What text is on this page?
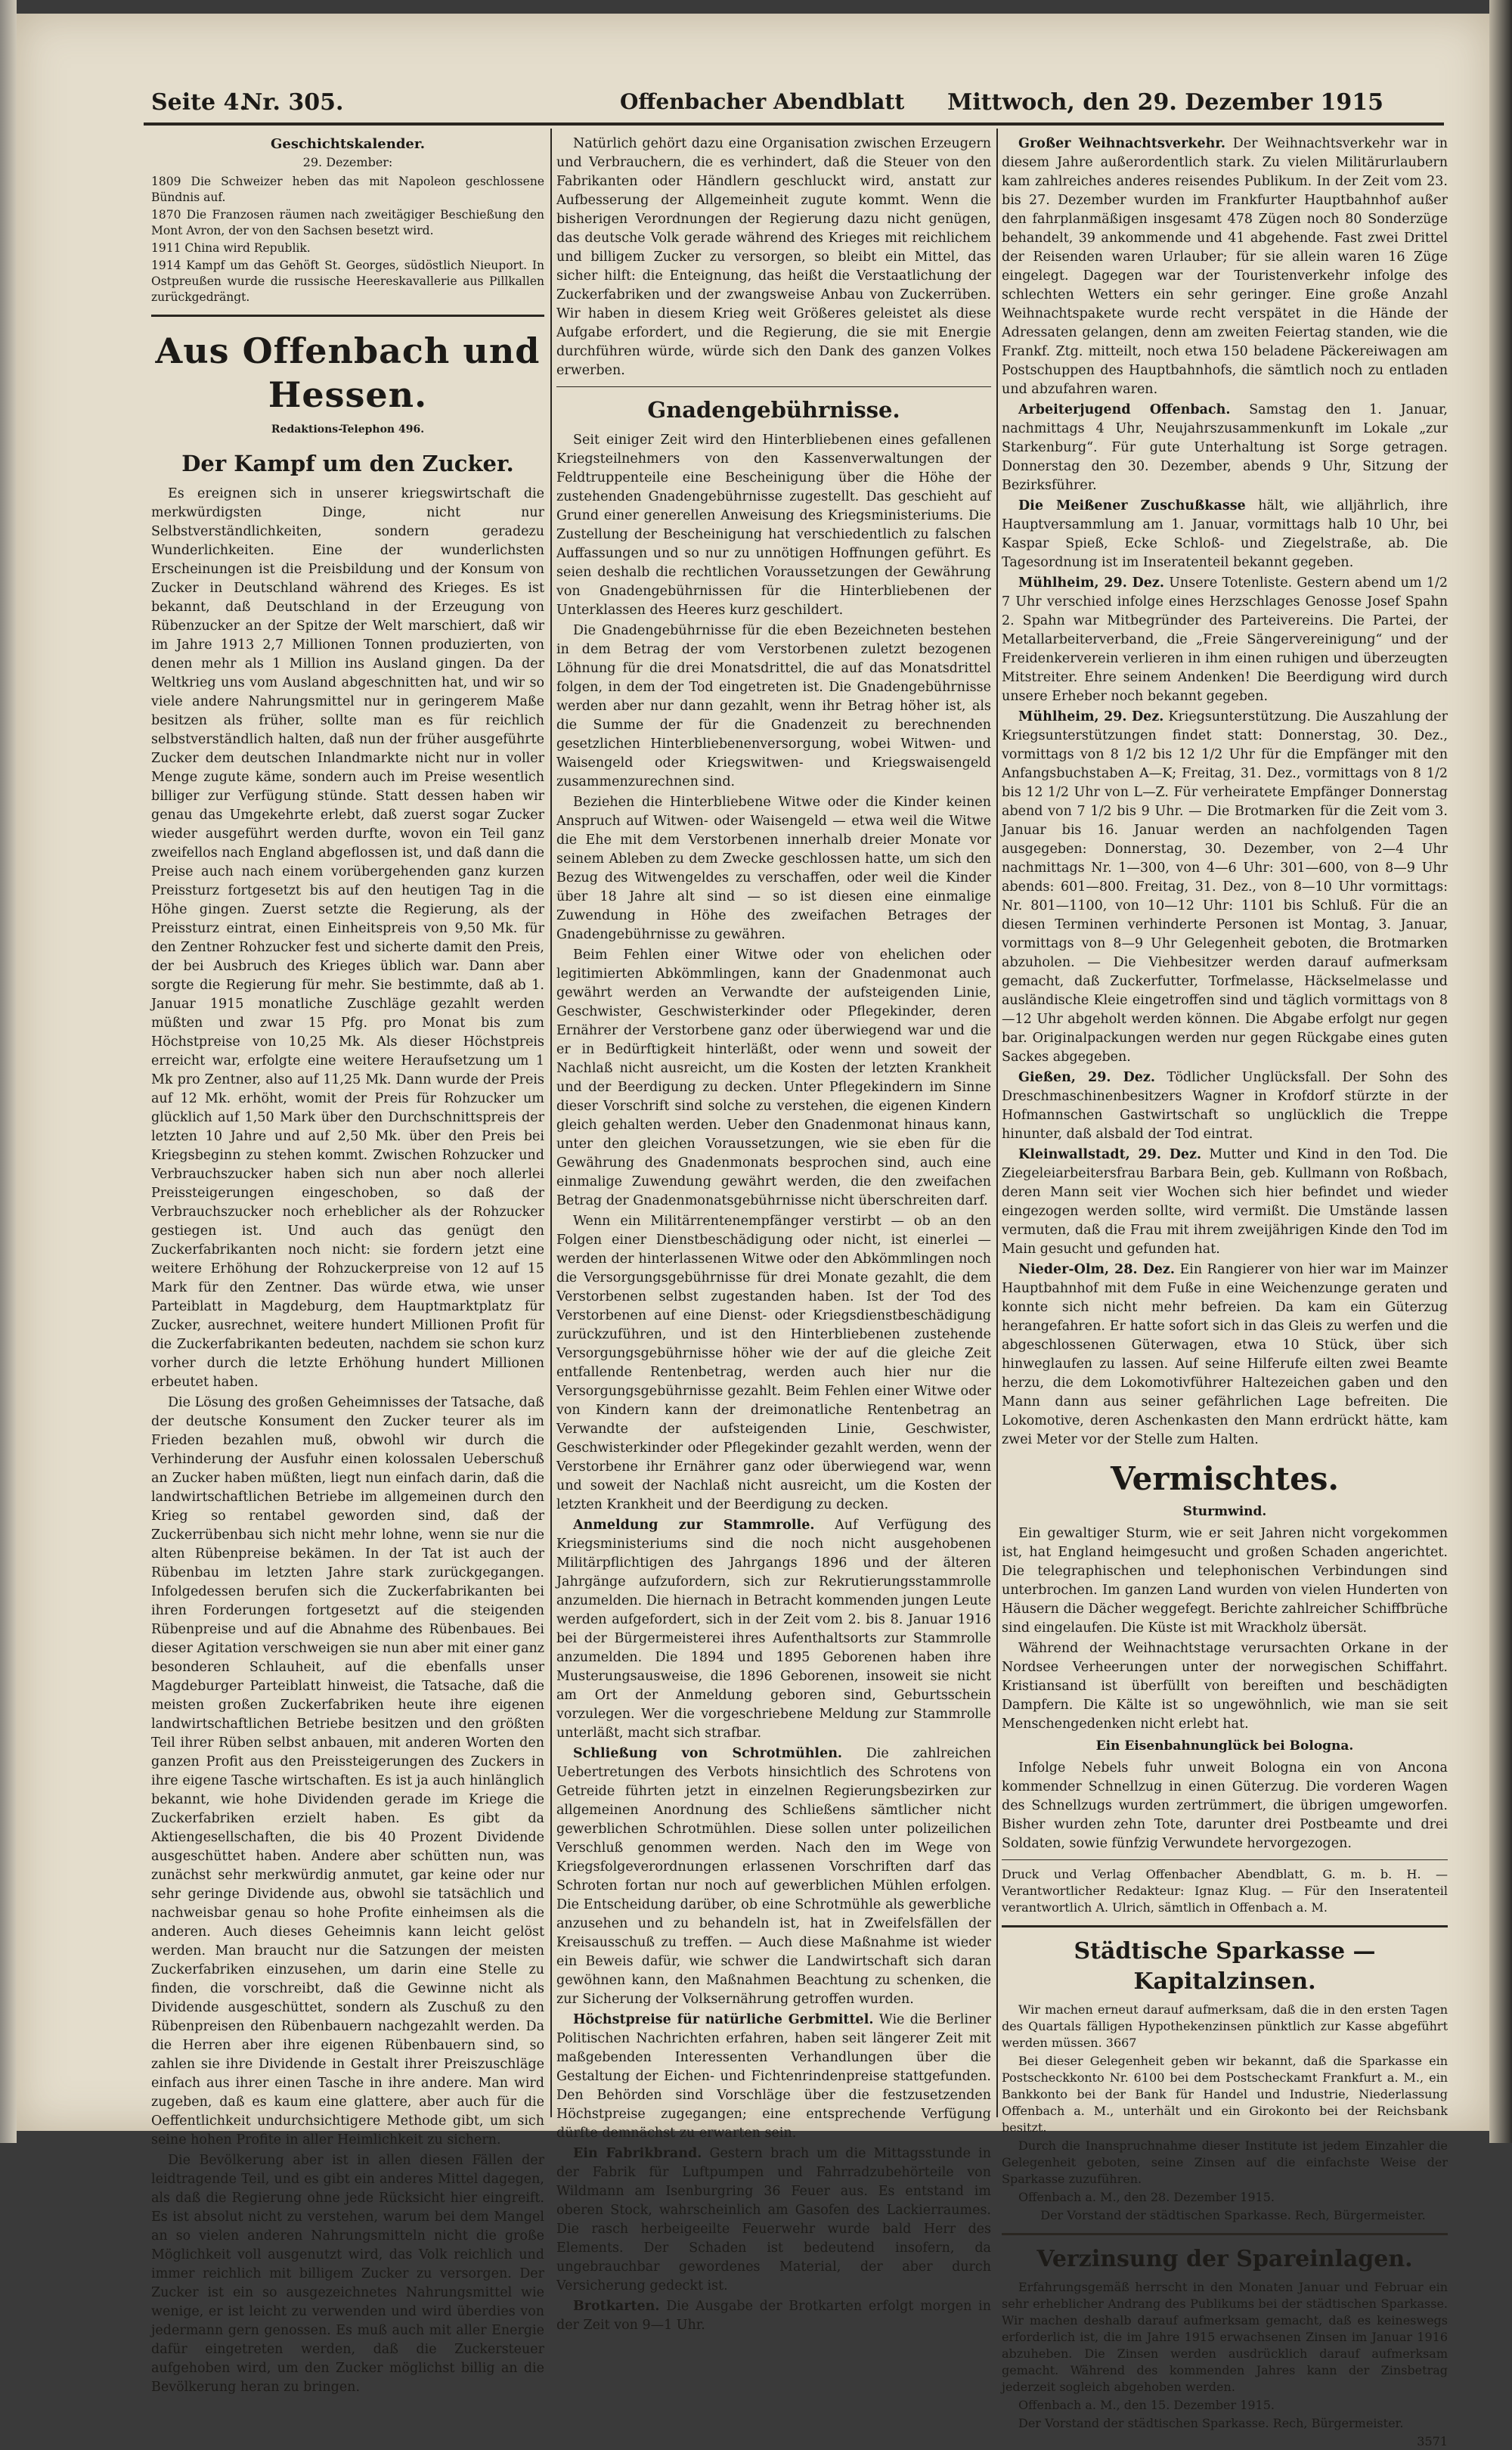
Seite 4.
Nr. 305.	Offenbacher Abendblatt Mittwoch, den 29. Dezember 1915
Geschichtskalender.
29. Dezember:
1809 Die Schweizer heben das mit Napoleon geschlossene Bündnis auf.
1870 Die Franzosen räumen nach zweitägiger Beschießung den Mont Avron, der von den Sachsen besetzt wird.
1911 China wird Republik.
1914 Kampf um das Gehöft St. Georges, südöstlich Nieuport. In Ostpreußen wurde die russische Heereskavallerie aus Pillkallen zurückgedrängt.
Aus Offenbach und Hessen.
Redaktions-Telephon 496.
Der Kampf um den Zucker.

Es ereignen sich in unserer kriegswirtschaft die merkwürdigsten Dinge, nicht nur Selbstverständlichkeiten, sondern geradezu Wunderlichkeiten. Eine der wunderlichsten Erscheinungen ist die Preisbildung und der Konsum von Zucker in Deutschland während des Krieges. Es ist bekannt, daß Deutschland in der Erzeugung von Rübenzucker an der Spitze der Welt marschiert, daß wir im Jahre 1913 2,7 Millionen Tonnen produzierten, von denen mehr als 1 Million ins Ausland gingen. Da der Weltkrieg uns vom Ausland abgeschnitten hat, und wir so viele andere Nahrungsmittel nur in geringerem Maße besitzen als früher, sollte man es für reichlich selbstverständlich halten, daß nun der früher ausgeführte Zucker dem deutschen Inlandmarkte nicht nur in voller Menge zugute käme, sondern auch im Preise wesentlich billiger zur Verfügung stünde. Statt dessen haben wir genau das Umgekehrte erlebt, daß zuerst sogar Zucker wieder ausgeführt werden durfte, wovon ein Teil ganz zweifellos nach England abgeflossen ist, und daß dann die Preise auch nach einem vorübergehenden ganz kurzen Preissturz fortgesetzt bis auf den heutigen Tag in die Höhe gingen. Zuerst setzte die Regierung, als der Preissturz eintrat, einen Einheitspreis von 9,50 Mk. für den Zentner Rohzucker fest und sicherte damit den Preis, der bei Ausbruch des Krieges üblich war. Dann aber sorgte die Regierung für mehr. Sie bestimmte, daß ab 1. Januar 1915 monatliche Zuschläge gezahlt werden müßten und zwar 15 Pfg. pro Monat bis zum Höchstpreise von 10,25 Mk. Als dieser Höchstpreis erreicht war, erfolgte eine weitere Heraufsetzung um 1 Mk pro Zentner, also auf 11,25 Mk. Dann wurde der Preis auf 12 Mk. erhöht, womit der Preis für Rohzucker um glücklich auf 1,50 Mark über den Durchschnittspreis der letzten 10 Jahre und auf 2,50 Mk. über den Preis bei Kriegsbeginn zu stehen kommt. Zwischen Rohzucker und Verbrauchszucker haben sich nun aber noch allerlei Preissteigerungen eingeschoben, so daß der Verbrauchszucker noch erheblicher als der Rohzucker gestiegen ist. Und auch das genügt den Zuckerfabrikanten noch nicht: sie fordern jetzt eine weitere Erhöhung der Rohzuckerpreise von 12 auf 15 Mark für den Zentner. Das würde etwa, wie unser Parteiblatt in Magdeburg, dem Hauptmarktplatz für Zucker, ausrechnet, weitere hundert Millionen Profit für die Zuckerfabrikanten bedeuten, nachdem sie schon kurz vorher durch die letzte Erhöhung hundert Millionen erbeutet haben.

Die Lösung des großen Geheimnisses der Tatsache, daß der deutsche Konsument den Zucker teurer als im Frieden bezahlen muß, obwohl wir durch die Verhinderung der Ausfuhr einen kolossalen Ueberschuß an Zucker haben müßten, liegt nun einfach darin, daß die landwirtschaftlichen Betriebe im allgemeinen durch den Krieg so rentabel geworden sind, daß der Zuckerrübenbau sich nicht mehr lohne, wenn sie nur die alten Rübenpreise bekämen. In der Tat ist auch der Rübenbau im letzten Jahre stark zurückgegangen. Infolgedessen berufen sich die Zuckerfabrikanten bei ihren Forderungen fortgesetzt auf die steigenden Rübenpreise und auf die Abnahme des Rübenbaues. Bei dieser Agitation verschweigen sie nun aber mit einer ganz besonderen Schlauheit, auf die ebenfalls unser Magdeburger Parteiblatt hinweist, die Tatsache, daß die meisten großen Zuckerfabriken heute ihre eigenen landwirtschaftlichen Betriebe besitzen und den größten Teil ihrer Rüben selbst anbauen, mit anderen Worten den ganzen Profit aus den Preissteigerungen des Zuckers in ihre eigene Tasche wirtschaften. Es ist ja auch hinlänglich bekannt, wie hohe Dividenden gerade im Kriege die Zuckerfabriken erzielt haben. Es gibt da Aktiengesellschaften, die bis 40 Prozent Dividende ausgeschüttet haben. Andere aber schütten nun, was zunächst sehr merkwürdig anmutet, gar keine oder nur sehr geringe Dividende aus, obwohl sie tatsächlich und nachweisbar genau so hohe Profite einheimsen als die anderen. Auch dieses Geheimnis kann leicht gelöst werden. Man braucht nur die Satzungen der meisten Zuckerfabriken einzusehen, um darin eine Stelle zu finden, die vorschreibt, daß die Gewinne nicht als Dividende ausgeschüttet, sondern als Zuschuß zu den Rübenpreisen den Rübenbauern nachgezahlt werden. Da die Herren aber ihre eigenen Rübenbauern sind, so zahlen sie ihre Dividende in Gestalt ihrer Preiszuschläge einfach aus ihrer einen Tasche in ihre andere. Man wird zugeben, daß es kaum eine glattere, aber auch für die Oeffentlichkeit undurchsichtigere Methode gibt, um sich seine hohen Profite in aller Heimlichkeit zu sichern.

Die Bevölkerung aber ist in allen diesen Fällen der leidtragende Teil, und es gibt ein anderes Mittel dagegen, als daß die Regierung ohne jede Rücksicht hier eingreift. Es ist absolut nicht zu verstehen, warum bei dem Mangel an so vielen anderen Nahrungsmitteln nicht die große Möglichkeit voll ausgenutzt wird, das Volk reichlich und immer reichlich mit billigem Zucker zu versorgen. Der Zucker ist ein so ausgezeichnetes Nahrungsmittel wie wenige, er ist leicht zu verwenden und wird überdies von jedermann gern genossen. Es muß auch mit aller Energie dafür eingetreten werden, daß die Zuckersteuer aufgehoben wird, um den Zucker möglichst billig an die Bevölkerung heran zu bringen.

Natürlich gehört dazu eine Organisation zwischen Erzeugern und Verbrauchern, die es verhindert, daß die Steuer von den Fabrikanten oder Händlern geschluckt wird, anstatt zur Aufbesserung der Allgemeinheit zugute kommt. Wenn die bisherigen Verordnungen der Regierung dazu nicht genügen, das deutsche Volk gerade während des Krieges mit reichlichem und billigem Zucker zu versorgen, so bleibt ein Mittel, das sicher hilft: die Enteignung, das heißt die Verstaatlichung der Zuckerfabriken und der zwangsweise Anbau von Zuckerrüben. Wir haben in diesem Krieg weit Größeres geleistet als diese Aufgabe erfordert, und die Regierung, die sie mit Energie durchführen würde, würde sich den Dank des ganzen Volkes erwerben.

Gnadengebührnisse.

Seit einiger Zeit wird den Hinterbliebenen eines gefallenen Kriegsteilnehmers von den Kassenverwaltungen der Feldtruppenteile eine Bescheinigung über die Höhe der zustehenden Gnadengebührnisse zugestellt. Das geschieht auf Grund einer generellen Anweisung des Kriegsministeriums. Die Zustellung der Bescheinigung hat verschiedentlich zu falschen Auffassungen und so nur zu unnötigen Hoffnungen geführt. Es seien deshalb die rechtlichen Voraussetzungen der Gewährung von Gnadengebührnissen für die Hinterbliebenen der Unterklassen des Heeres kurz geschildert.

Die Gnadengebührnisse für die eben Bezeichneten bestehen in dem Betrag der vom Verstorbenen zuletzt bezogenen Löhnung für die drei Monatsdrittel, die auf das Monatsdrittel folgen, in dem der Tod eingetreten ist. Die Gnadengebührnisse werden aber nur dann gezahlt, wenn ihr Betrag höher ist, als die Summe der für die Gnadenzeit zu berechnenden gesetzlichen Hinterbliebenenversorgung, wobei Witwen- und Waisengeld oder Kriegswitwen- und Kriegswaisengeld zusammenzurechnen sind.

Beziehen die Hinterbliebene Witwe oder die Kinder keinen Anspruch auf Witwen- oder Waisengeld — etwa weil die Witwe die Ehe mit dem Verstorbenen innerhalb dreier Monate vor seinem Ableben zu dem Zwecke geschlossen hatte, um sich den Bezug des Witwengeldes zu verschaffen, oder weil die Kinder über 18 Jahre alt sind — so ist diesen eine einmalige Zuwendung in Höhe des zweifachen Betrages der Gnadengebührnisse zu gewähren.

Beim Fehlen einer Witwe oder von ehelichen oder legitimierten Abkömmlingen, kann der Gnadenmonat auch gewährt werden an Verwandte der aufsteigenden Linie, Geschwister, Geschwisterkinder oder Pflegekinder, deren Ernährer der Verstorbene ganz oder überwiegend war und die er in Bedürftigkeit hinterläßt, oder wenn und soweit der Nachlaß nicht ausreicht, um die Kosten der letzten Krankheit und der Beerdigung zu decken. Unter Pflegekindern im Sinne dieser Vorschrift sind solche zu verstehen, die eigenen Kindern gleich gehalten werden. Ueber den Gnadenmonat hinaus kann, unter den gleichen Voraussetzungen, wie sie eben für die Gewährung des Gnadenmonats besprochen sind, auch eine einmalige Zuwendung gewährt werden, die den zweifachen Betrag der Gnadenmonatsgebührnisse nicht überschreiten darf.

Wenn ein Militärrentenempfänger verstirbt — ob an den Folgen einer Dienstbeschädigung oder nicht, ist einerlei — werden der hinterlassenen Witwe oder den Abkömmlingen noch die Versorgungsgebührnisse für drei Monate gezahlt, die dem Verstorbenen selbst zugestanden haben. Ist der Tod des Verstorbenen auf eine Dienst- oder Kriegsdienstbeschädigung zurückzuführen, und ist den Hinterbliebenen zustehende Versorgungsgebührnisse höher wie der auf die gleiche Zeit entfallende Rentenbetrag, werden auch hier nur die Versorgungsgebührnisse gezahlt. Beim Fehlen einer Witwe oder von Kindern kann der dreimonatliche Rentenbetrag an Verwandte der aufsteigenden Linie, Geschwister, Geschwisterkinder oder Pflegekinder gezahlt werden, wenn der Verstorbene ihr Ernährer ganz oder überwiegend war, wenn und soweit der Nachlaß nicht ausreicht, um die Kosten der letzten Krankheit und der Beerdigung zu decken.

Anmeldung zur Stammrolle. Auf Verfügung des Kriegsministeriums sind die noch nicht ausgehobenen Militärpflichtigen des Jahrgangs 1896 und der älteren Jahrgänge aufzufordern, sich zur Rekrutierungsstammrolle anzumelden. Die hiernach in Betracht kommenden jungen Leute werden aufgefordert, sich in der Zeit vom 2. bis 8. Januar 1916 bei der Bürgermeisterei ihres Aufenthaltsorts zur Stammrolle anzumelden. Die 1894 und 1895 Geborenen haben ihre Musterungsausweise, die 1896 Geborenen, insoweit sie nicht am Ort der Anmeldung geboren sind, Geburtsschein vorzulegen. Wer die vorgeschriebene Meldung zur Stammrolle unterläßt, macht sich strafbar.

Schließung von Schrotmühlen. Die zahlreichen Uebertretungen des Verbots hinsichtlich des Schrotens von Getreide führten jetzt in einzelnen Regierungsbezirken zur allgemeinen Anordnung des Schließens sämtlicher nicht gewerblichen Schrotmühlen. Diese sollen unter polizeilichen Verschluß genommen werden. Nach den im Wege von Kriegsfolgeverordnungen erlassenen Vorschriften darf das Schroten fortan nur noch auf gewerblichen Mühlen erfolgen. Die Entscheidung darüber, ob eine Schrotmühle als gewerbliche anzusehen und zu behandeln ist, hat in Zweifelsfällen der Kreisausschuß zu treffen. — Auch diese Maßnahme ist wieder ein Beweis dafür, wie schwer die Landwirtschaft sich daran gewöhnen kann, den Maßnahmen Beachtung zu schenken, die zur Sicherung der Volksernährung getroffen wurden.

Höchstpreise für natürliche Gerbmittel. Wie die Berliner Politischen Nachrichten erfahren, haben seit längerer Zeit mit maßgebenden Interessenten Verhandlungen über die Gestaltung der Eichen- und Fichtenrindenpreise stattgefunden. Den Behörden sind Vorschläge über die festzusetzenden Höchstpreise zugegangen; eine entsprechende Verfügung dürfte demnächst zu erwarten sein.

Ein Fabrikbrand. Gestern brach um die Mittagsstunde in der Fabrik für Luftpumpen und Fahrradzubehörteile von Wildmann am Isenburgring 36 Feuer aus. Es entstand im oberen Stock, wahrscheinlich am Gasofen des Lackierraumes. Die rasch herbeigeeilte Feuerwehr wurde bald Herr des Elements. Der Schaden ist bedeutend insofern, da ungebrauchbar gewordenes Material, der aber durch Versicherung gedeckt ist.

Brotkarten. Die Ausgabe der Brotkarten erfolgt morgen in der Zeit von 9—1 Uhr.

Großer Weihnachtsverkehr. Der Weihnachtsverkehr war in diesem Jahre außerordentlich stark. Zu vielen Militärurlaubern kam zahlreiches anderes reisendes Publikum. In der Zeit vom 23. bis 27. Dezember wurden im Frankfurter Hauptbahnhof außer den fahrplanmäßigen insgesamt 478 Zügen noch 80 Sonderzüge behandelt, 39 ankommende und 41 abgehende. Fast zwei Drittel der Reisenden waren Urlauber; für sie allein waren 16 Züge eingelegt. Dagegen war der Touristenverkehr infolge des schlechten Wetters ein sehr geringer. Eine große Anzahl Weihnachtspakete wurde recht verspätet in die Hände der Adressaten gelangen, denn am zweiten Feiertag standen, wie die Frankf. Ztg. mitteilt, noch etwa 150 beladene Päckereiwagen am Postschuppen des Hauptbahnhofs, die sämtlich noch zu entladen und abzufahren waren.

Arbeiterjugend Offenbach. Samstag den 1. Januar, nachmittags 4 Uhr, Neujahrszusammenkunft im Lokale „zur Starkenburg“. Für gute Unterhaltung ist Sorge getragen. Donnerstag den 30. Dezember, abends 9 Uhr, Sitzung der Bezirksführer.

Die Meißener Zuschußkasse hält, wie alljährlich, ihre Hauptversammlung am 1. Januar, vormittags halb 10 Uhr, bei Kaspar Spieß, Ecke Schloß- und Ziegelstraße, ab. Die Tagesordnung ist im Inseratenteil bekannt gegeben.

Mühlheim, 29. Dez. Unsere Totenliste. Gestern abend um 1/2 7 Uhr verschied infolge eines Herzschlages Genosse Josef Spahn 2. Spahn war Mitbegründer des Parteivereins. Die Partei, der Metallarbeiterverband, die „Freie Sängervereinigung“ und der Freidenkerverein verlieren in ihm einen ruhigen und überzeugten Mitstreiter. Ehre seinem Andenken! Die Beerdigung wird durch unsere Erheber noch bekannt gegeben.

Mühlheim, 29. Dez. Kriegsunterstützung. Die Auszahlung der Kriegsunterstützungen findet statt: Donnerstag, 30. Dez., vormittags von 8 1/2 bis 12 1/2 Uhr für die Empfänger mit den Anfangsbuchstaben A—K; Freitag, 31. Dez., vormittags von 8 1/2 bis 12 1/2 Uhr von L—Z. Für verheiratete Empfänger Donnerstag abend von 7 1/2 bis 9 Uhr. — Die Brotmarken für die Zeit vom 3. Januar bis 16. Januar werden an nachfolgenden Tagen ausgegeben: Donnerstag, 30. Dezember, von 2—4 Uhr nachmittags Nr. 1—300, von 4—6 Uhr: 301—600, von 8—9 Uhr abends: 601—800. Freitag, 31. Dez., von 8—10 Uhr vormittags: Nr. 801—1100, von 10—12 Uhr: 1101 bis Schluß. Für die an diesen Terminen verhinderte Personen ist Montag, 3. Januar, vormittags von 8—9 Uhr Gelegenheit geboten, die Brotmarken abzuholen. — Die Viehbesitzer werden darauf aufmerksam gemacht, daß Zuckerfutter, Torfmelasse, Häckselmelasse und ausländische Kleie eingetroffen sind und täglich vormittags von 8—12 Uhr abgeholt werden können. Die Abgabe erfolgt nur gegen bar. Originalpackungen werden nur gegen Rückgabe eines guten Sackes abgegeben.

Gießen, 29. Dez. Tödlicher Unglücksfall. Der Sohn des Dreschmaschinenbesitzers Wagner in Krofdorf stürzte in der Hofmannschen Gastwirtschaft so unglücklich die Treppe hinunter, daß alsbald der Tod eintrat.

Kleinwallstadt, 29. Dez. Mutter und Kind in den Tod. Die Ziegeleiarbeitersfrau Barbara Bein, geb. Kullmann von Roßbach, deren Mann seit vier Wochen sich hier befindet und wieder eingezogen werden sollte, wird vermißt. Die Umstände lassen vermuten, daß die Frau mit ihrem zweijährigen Kinde den Tod im Main gesucht und gefunden hat.

Nieder-Olm, 28. Dez. Ein Rangierer von hier war im Mainzer Hauptbahnhof mit dem Fuße in eine Weichenzunge geraten und konnte sich nicht mehr befreien. Da kam ein Güterzug herangefahren. Er hatte sofort sich in das Gleis zu werfen und die abgeschlossenen Güterwagen, etwa 10 Stück, über sich hinweglaufen zu lassen. Auf seine Hilferufe eilten zwei Beamte herzu, die dem Lokomotivführer Haltezeichen gaben und den Mann dann aus seiner gefährlichen Lage befreiten. Die Lokomotive, deren Aschenkasten den Mann erdrückt hätte, kam zwei Meter vor der Stelle zum Halten.

Vermischtes.
Sturmwind.

Ein gewaltiger Sturm, wie er seit Jahren nicht vorgekommen ist, hat England heimgesucht und großen Schaden angerichtet. Die telegraphischen und telephonischen Verbindungen sind unterbrochen. Im ganzen Land wurden von vielen Hunderten von Häusern die Dächer weggefegt. Berichte zahlreicher Schiffbrüche sind eingelaufen. Die Küste ist mit Wrackholz übersät.

Während der Weihnachtstage verursachten Orkane in der Nordsee Verheerungen unter der norwegischen Schiffahrt. Kristiansand ist überfüllt von bereiften und beschädigten Dampfern. Die Kälte ist so ungewöhnlich, wie man sie seit Menschengedenken nicht erlebt hat.

Ein Eisenbahnunglück bei Bologna.

Infolge Nebels fuhr unweit Bologna ein von Ancona kommender Schnellzug in einen Güterzug. Die vorderen Wagen des Schnellzugs wurden zertrümmert, die übrigen umgeworfen. Bisher wurden zehn Tote, darunter drei Postbeamte und drei Soldaten, sowie fünfzig Verwundete hervorgezogen.

Druck und Verlag Offenbacher Abendblatt, G. m. b. H. — Verantwortlicher Redakteur: Ignaz Klug. — Für den Inseratenteil verantwortlich A. Ulrich, sämtlich in Offenbach a. M.
Städtische Sparkasse — Kapitalzinsen.

Wir machen erneut darauf aufmerksam, daß die in den ersten Tagen des Quartals fälligen Hypothekenzinsen pünktlich zur Kasse abgeführt werden müssen. 3667

Bei dieser Gelegenheit geben wir bekannt, daß die Sparkasse ein Postscheckkonto Nr. 6100 bei dem Postscheckamt Frankfurt a. M., ein Bankkonto bei der Bank für Handel und Industrie, Niederlassung Offenbach a. M., unterhält und ein Girokonto bei der Reichsbank besitzt.

Durch die Inanspruchnahme dieser Institute ist jedem Einzahler die Gelegenheit geboten, seine Zinsen auf die einfachste Weise der Sparkasse zuzuführen.

Offenbach a. M., den 28. Dezember 1915.

Der Vorstand der städtischen Sparkasse. Rech, Bürgermeister.

Verzinsung der Spareinlagen.

Erfahrungsgemäß herrscht in den Monaten Januar und Februar ein sehr erheblicher Andrang des Publikums bei der städtischen Sparkasse. Wir machen deshalb darauf aufmerksam gemacht, daß es keineswegs erforderlich ist, die im Jahre 1915 erwachsenen Zinsen im Januar 1916 abzuheben. Die Zinsen werden ausdrücklich darauf aufmerksam gemacht. Während des kommenden Jahres kann der Zinsbetrag jederzeit sogleich abgehoben werden.

Offenbach a. M., den 15. Dezember 1915.

Der Vorstand der städtischen Sparkasse. Rech, Bürgermeister.

3571
